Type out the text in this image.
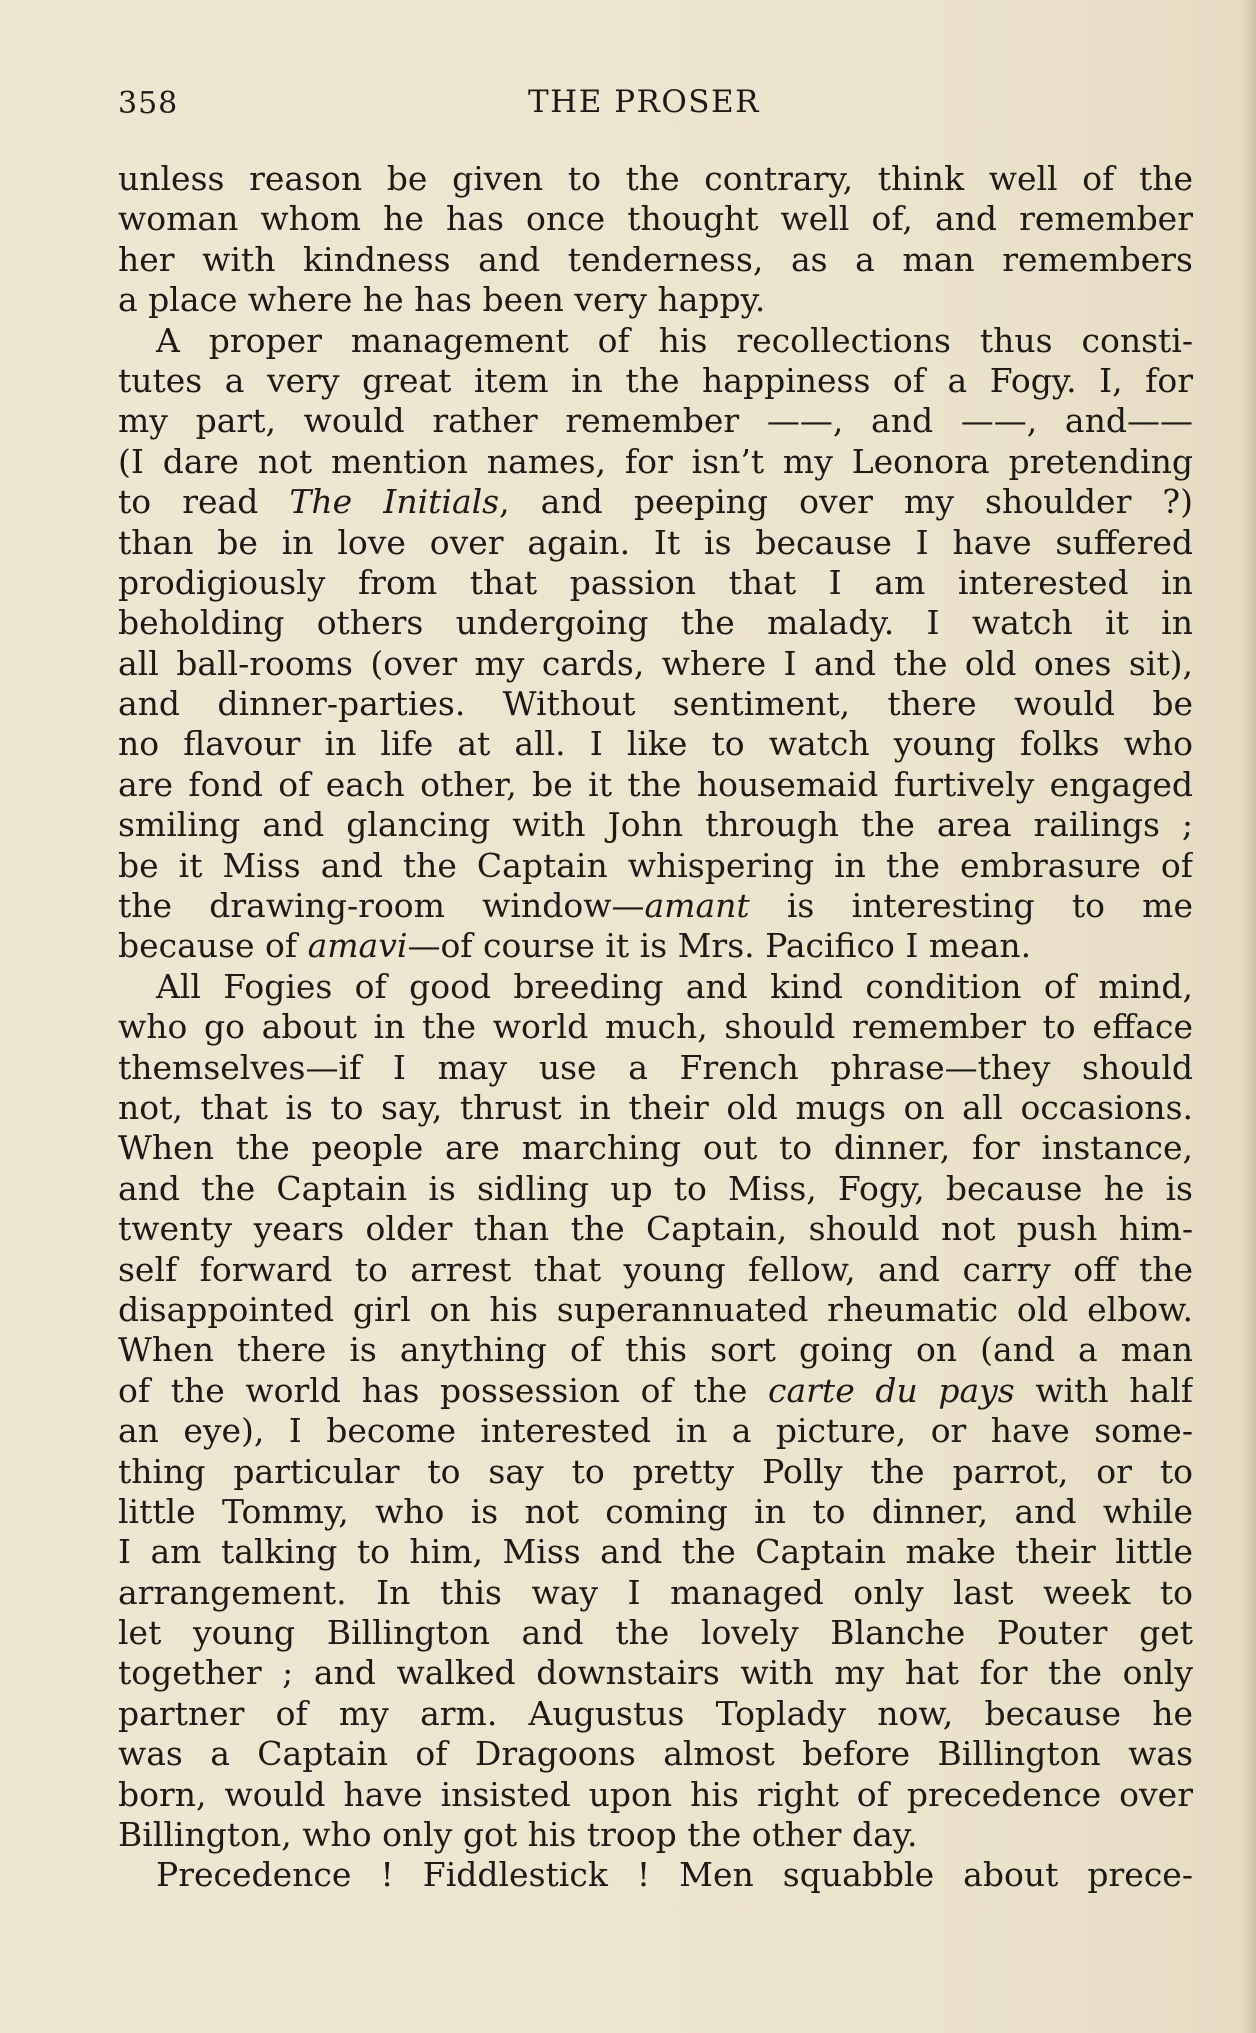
358	THE PROSER
unless reason be given to the contrary, think well of the
woman whom he has once thought well of, and remember
her with kindness and tenderness, as a man remembers
a place where he has been very happy.
A proper management of his recollections thus consti-
tutes a very great item in the happiness of a Fogy. I, for
my part, would rather remember ——, and ——, and——
(I dare not mention names, for isn’t my Leonora pretending
to read The Initials, and peeping over my shoulder ?)
than be in love over again. It is because I have suffered
prodigiously from that passion that I am interested in
beholding others undergoing the malady. I watch it in
all ball-rooms (over my cards, where I and the old ones sit),
and dinner-parties. Without sentiment, there would be
no flavour in life at all. I like to watch young folks who
are fond of each other, be it the housemaid furtively engaged
smiling and glancing with John through the area railings ;
be it Miss and the Captain whispering in the embrasure of
the drawing-room window—amant is interesting to me
because of amavi—of course it is Mrs. Pacifico I mean.
All Fogies of good breeding and kind condition of mind,
who go about in the world much, should remember to efface
themselves—if I may use a French phrase—they should
not, that is to say, thrust in their old mugs on all occasions.
When the people are marching out to dinner, for instance,
and the Captain is sidling up to Miss, Fogy, because he is
twenty years older than the Captain, should not push him-
self forward to arrest that young fellow, and carry off the
disappointed girl on his superannuated rheumatic old elbow.
When there is anything of this sort going on (and a man
of the world has possession of the carte du pays with half
an eye), I become interested in a picture, or have some-
thing particular to say to pretty Polly the parrot, or to
little Tommy, who is not coming in to dinner, and while
I am talking to him, Miss and the Captain make their little
arrangement. In this way I managed only last week to
let young Billington and the lovely Blanche Pouter get
together ; and walked downstairs with my hat for the only
partner of my arm. Augustus Toplady now, because he
was a Captain of Dragoons almost before Billington was
born, would have insisted upon his right of precedence over
Billington, who only got his troop the other day.
Precedence ! Fiddlestick ! Men squabble about prece-
